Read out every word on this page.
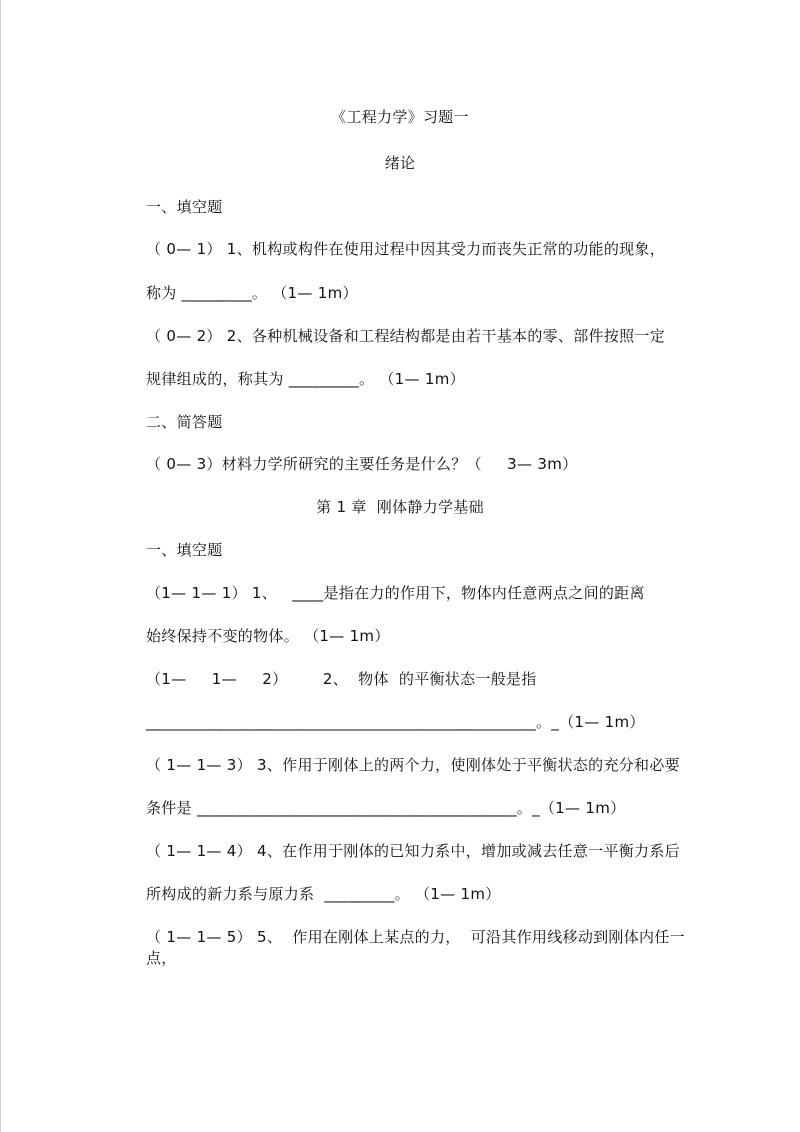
《工程力学》习题一
绪论
一、填空题
（ 0— 1） 1、机构或构件在使用过程中因其受力而丧失正常的功能的现象，
称为 _________。 （1— 1m）
（ 0— 2） 2、各种机械设备和工程结构都是由若干基本的零、部件按照一定
规律组成的，称其为 _________。 （1— 1m）
二、简答题
（ 0— 3）材料力学所研究的主要任务是什么？（     3— 3m）
第 1 章  刚体静力学基础
一、填空题
（1— 1— 1） 1、   ____是指在力的作用下，物体内任意两点之间的距离
始终保持不变的物体。 （1— 1m）
（1—     1—     2）       2、  物体  的平衡状态一般是指
__________________________________________________。_（1— 1m）
（ 1— 1— 3） 3、作用于刚体上的两个力，使刚体处于平衡状态的充分和必要
条件是 _________________________________________。_（1— 1m）
（ 1— 1— 4） 4、在作用于刚体的已知力系中，增加或减去任意一平衡力系后
所构成的新力系与原力系  _________。 （1— 1m）
（ 1— 1— 5） 5、  作用在刚体上某点的力，  可沿其作用线移动到刚体内任一
点，
